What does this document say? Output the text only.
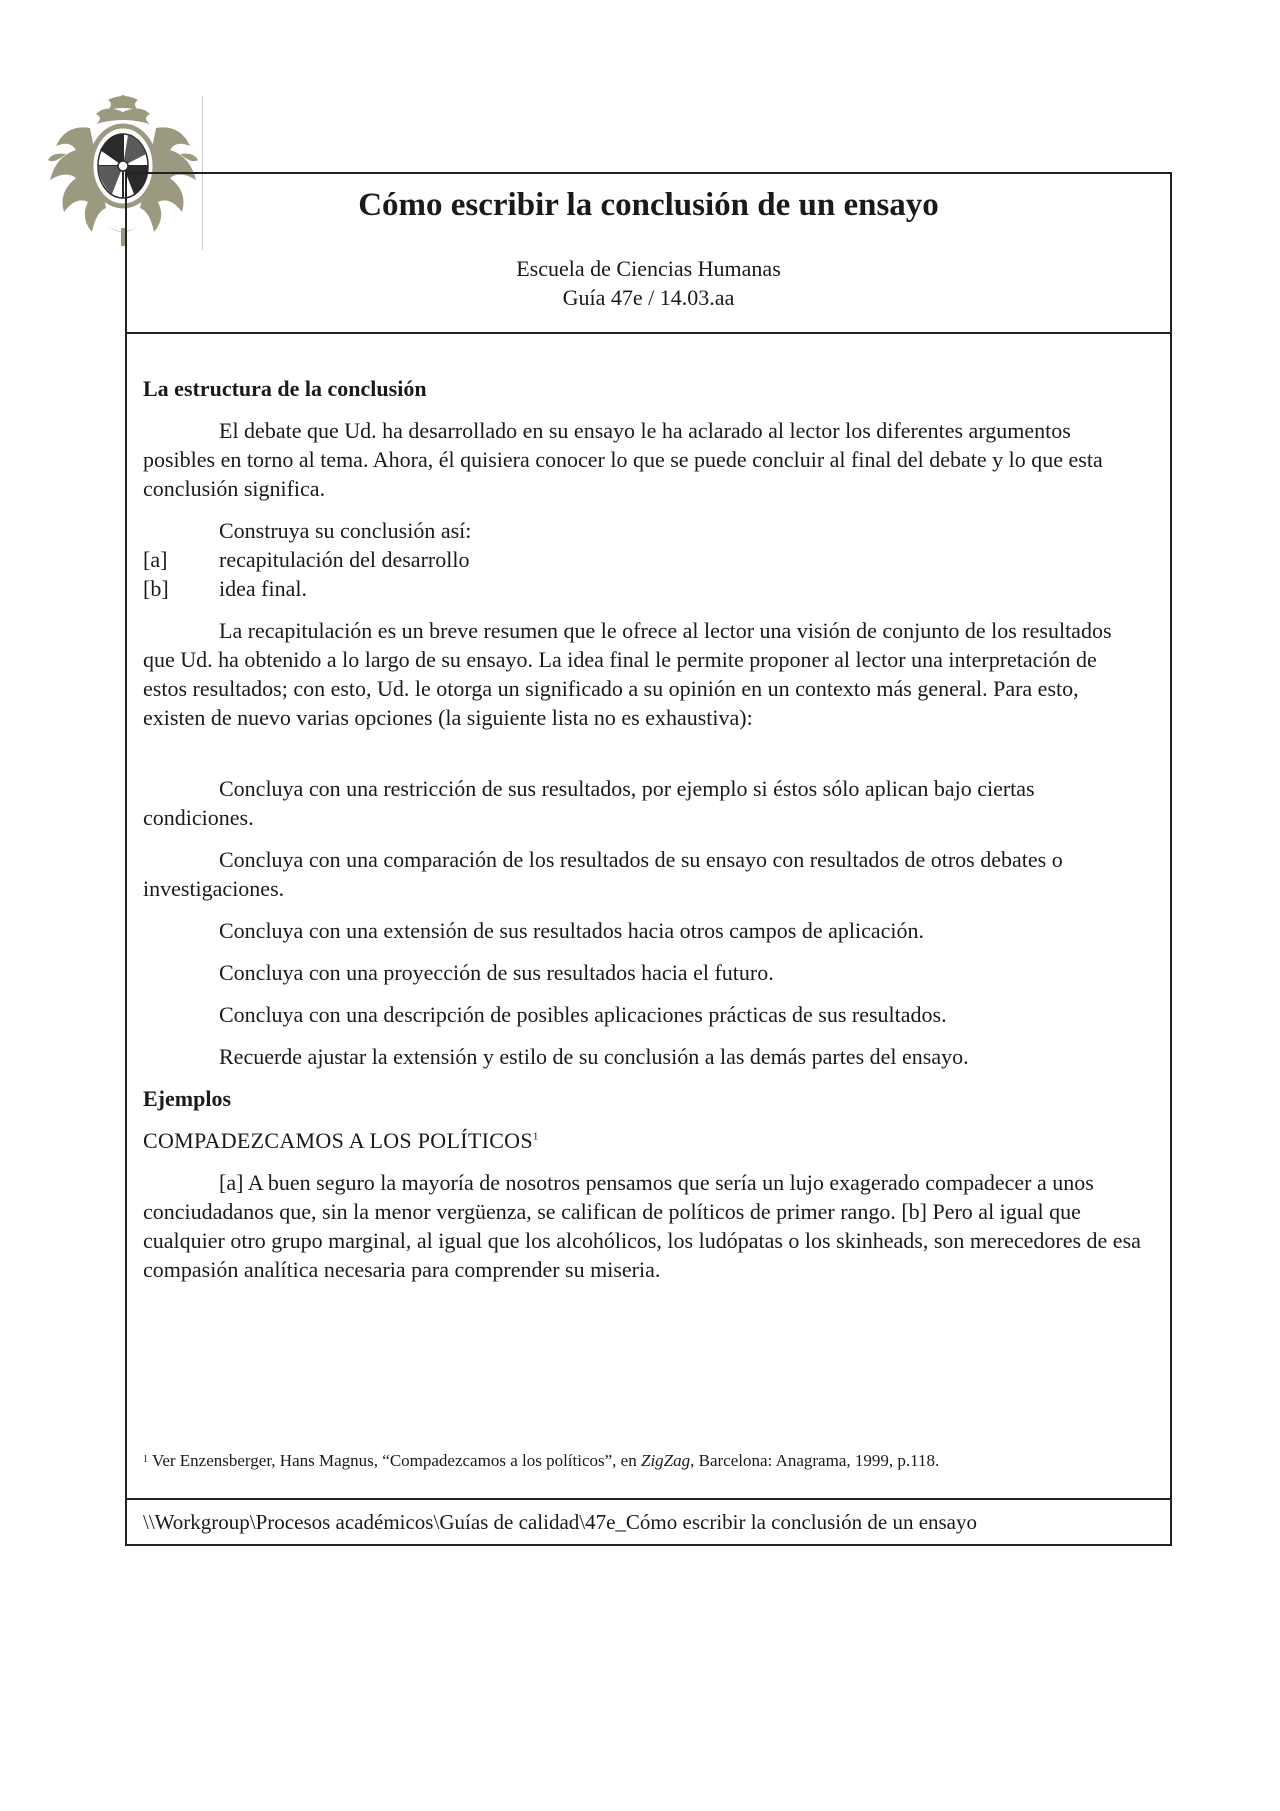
Cómo escribir la conclusión de un ensayo
Escuela de Ciencias Humanas
Guía 47e / 14.03.aa

La estructura de la conclusión

El debate que Ud. ha desarrollado en su ensayo le ha aclarado al lector los diferentes argumentos posibles en torno al tema. Ahora, él quisiera conocer lo que se puede concluir al final del debate y lo que esta conclusión significa.

Construya su conclusión así:

[a] recapitulación del desarrollo

[b] idea final.

La recapitulación es un breve resumen que le ofrece al lector una visión de conjunto de los resultados que Ud. ha obtenido a lo largo de su ensayo. La idea final le permite proponer al lector una interpretación de estos resultados; con esto, Ud. le otorga un significado a su opinión en un contexto más general. Para esto, existen de nuevo varias opciones (la siguiente lista no es exhaustiva):

Concluya con una restricción de sus resultados, por ejemplo si éstos sólo aplican bajo ciertas condiciones.

Concluya con una comparación de los resultados de su ensayo con resultados de otros debates o investigaciones.

Concluya con una extensión de sus resultados hacia otros campos de aplicación.

Concluya con una proyección de sus resultados hacia el futuro.

Concluya con una descripción de posibles aplicaciones prácticas de sus resultados.

Recuerde ajustar la extensión y estilo de su conclusión a las demás partes del ensayo.

Ejemplos

COMPADEZCAMOS A LOS POLÍTICOS$^1$

[a] A buen seguro la mayoría de nosotros pensamos que sería un lujo exagerado compadecer a unos conciudadanos que, sin la menor vergüenza, se califican de políticos de primer rango. [b] Pero al igual que cualquier otro grupo marginal, al igual que los alcohólicos, los ludópatas o los skinheads, son merecedores de esa compasión analítica necesaria para comprender su miseria.

$^1$ Ver Enzensberger, Hans Magnus, “Compadezcamos a los políticos”, en ZigZag, Barcelona: Anagrama, 1999, p.118.
\\Workgroup\Procesos académicos\Guías de calidad\47e_Cómo escribir la conclusión de un ensayo
